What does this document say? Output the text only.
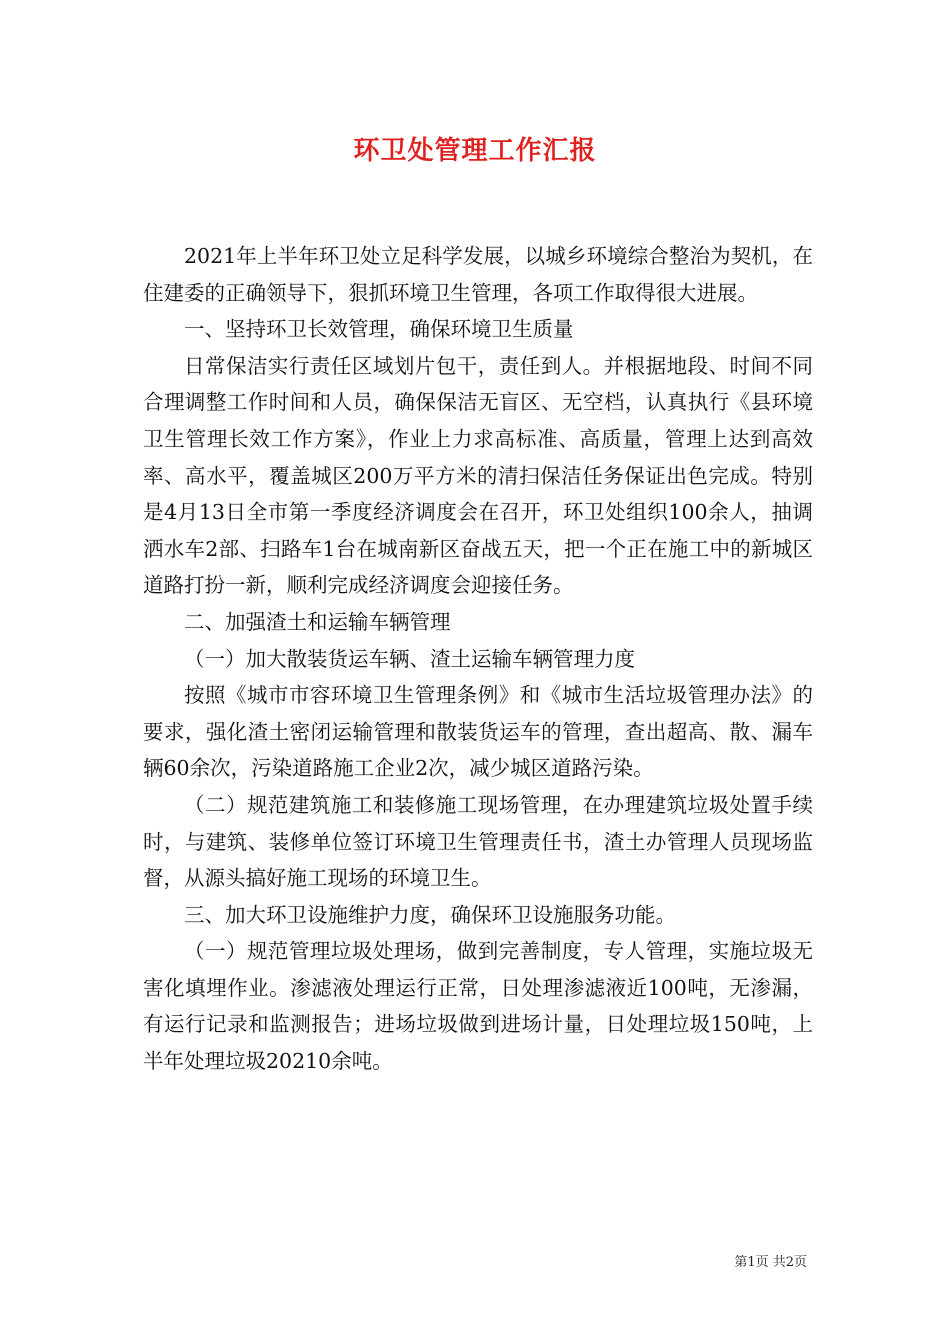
环卫处管理工作汇报

2021年上半年环卫处立足科学发展，以城乡环境综合整治为契机，在住建委的正确领导下，狠抓环境卫生管理，各项工作取得很大进展。

一、坚持环卫长效管理，确保环境卫生质量

日常保洁实行责任区域划片包干，责任到人。并根据地段、时间不同合理调整工作时间和人员，确保保洁无盲区、无空档，认真执行《县环境卫生管理长效工作方案》，作业上力求高标准、高质量，管理上达到高效率、高水平，覆盖城区200万平方米的清扫保洁任务保证出色完成。特别是4月13日全市第一季度经济调度会在召开，环卫处组织100余人，抽调洒水车2部、扫路车1台在城南新区奋战五天，把一个正在施工中的新城区道路打扮一新，顺利完成经济调度会迎接任务。

二、加强渣土和运输车辆管理

（一）加大散装货运车辆、渣土运输车辆管理力度

按照《城市市容环境卫生管理条例》和《城市生活垃圾管理办法》的要求，强化渣土密闭运输管理和散装货运车的管理，查出超高、散、漏车辆60余次，污染道路施工企业2次，减少城区道路污染。

（二）规范建筑施工和装修施工现场管理，在办理建筑垃圾处置手续时，与建筑、装修单位签订环境卫生管理责任书，渣土办管理人员现场监督，从源头搞好施工现场的环境卫生。

三、加大环卫设施维护力度，确保环卫设施服务功能。

（一）规范管理垃圾处理场，做到完善制度，专人管理，实施垃圾无害化填埋作业。渗滤液处理运行正常，日处理渗滤液近100吨，无渗漏，有运行记录和监测报告；进场垃圾做到进场计量，日处理垃圾150吨，上半年处理垃圾20210余吨。

第1页 共2页
